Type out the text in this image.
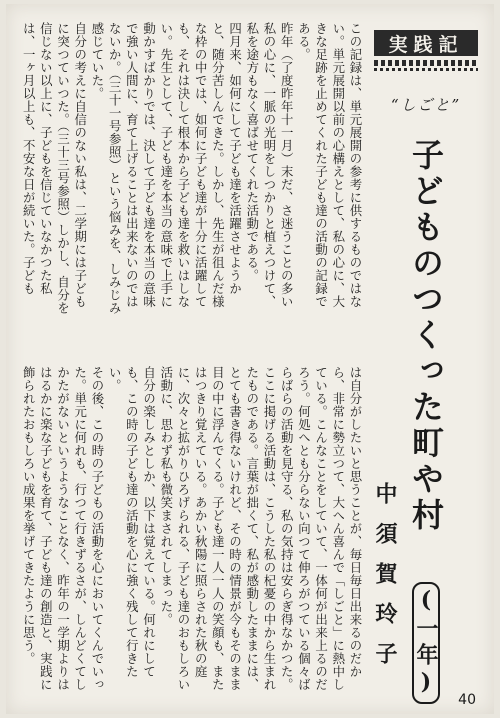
実践記
“しごと”
子どものつくった町や村 (一年)
中須賀玲子

この記録は、単元展開の参考に供するものではない。単元展開以前の心構えとして、私の心に、大きな足跡を止めてくれた子ども達の活動の記録である。

昨年（了度昨年十一月）末だ、さ迷うことの多い私の心に、一脈の光明をしつかりと植えつけて、私を途方もなく喜ばせてくれた活動である。

四月来、如何にして子ども達を活躍させようかと、随分苦しんできた。しかし、先生が徂んだ様な枠の中では、如何に子ども達が十分に活躍しても、それは決して根本から子ども達を救いはしない。先生として、子ども達を本当の意味で上手に動かすばかりでは、決して子ども達を本当の意味で強い人間に、育て上げることは出来ないのではないか。（三十一号参照）という悩みを、しみじみ感じていた。

自分の考えに自信のない私は、二学期には子どもに突つていつた。（三十三号参照）しかし、自分を信じない以上に、子どもを信じていなかつた私は、一ヶ月以上も、不安な日が続いた。子ども

は自分がしたいと思うことが、毎日毎日出来るのだから、非常に勢立つて、大へん喜んで「しごと」に熱中している。こんなことをしていて、一体何が出来上るのだろう。何処へとも分らない向つて伸ろがつている個々ばらばらの活動を見守る、私の気持は安らぎ得なかつた。

ここに掲げる活動は、こうした私の杞憂の中から生まれたものである。言葉が拙くて、私が感動したままには、とても書き得ないけれど、その時の情景が今もそのまま目の中に浮んでくる。子ども達一人一人の笑顔も、またはつきり覚えている。あかい秋陽に照らされた秋の庭に、次々と拡がりひろげられる、子ども達のおもしろい活動に、思わず私も微笑まされてしまった。

自分の楽しみとしか、以下は覚えている。何れにしても、この時の子ども達の活動を心に強く残して行きたい。

その後、この時の子どもの活動を心においてくんでいった。単元に何れも、行つて行きずるさが、しんどくてしかたがないというようなことなく、昨年の一学期よりははるかに楽な子どもを育て、子ども達の創造と、実践に飾られたおもしろい成果を挙げてきたように思う。

40
